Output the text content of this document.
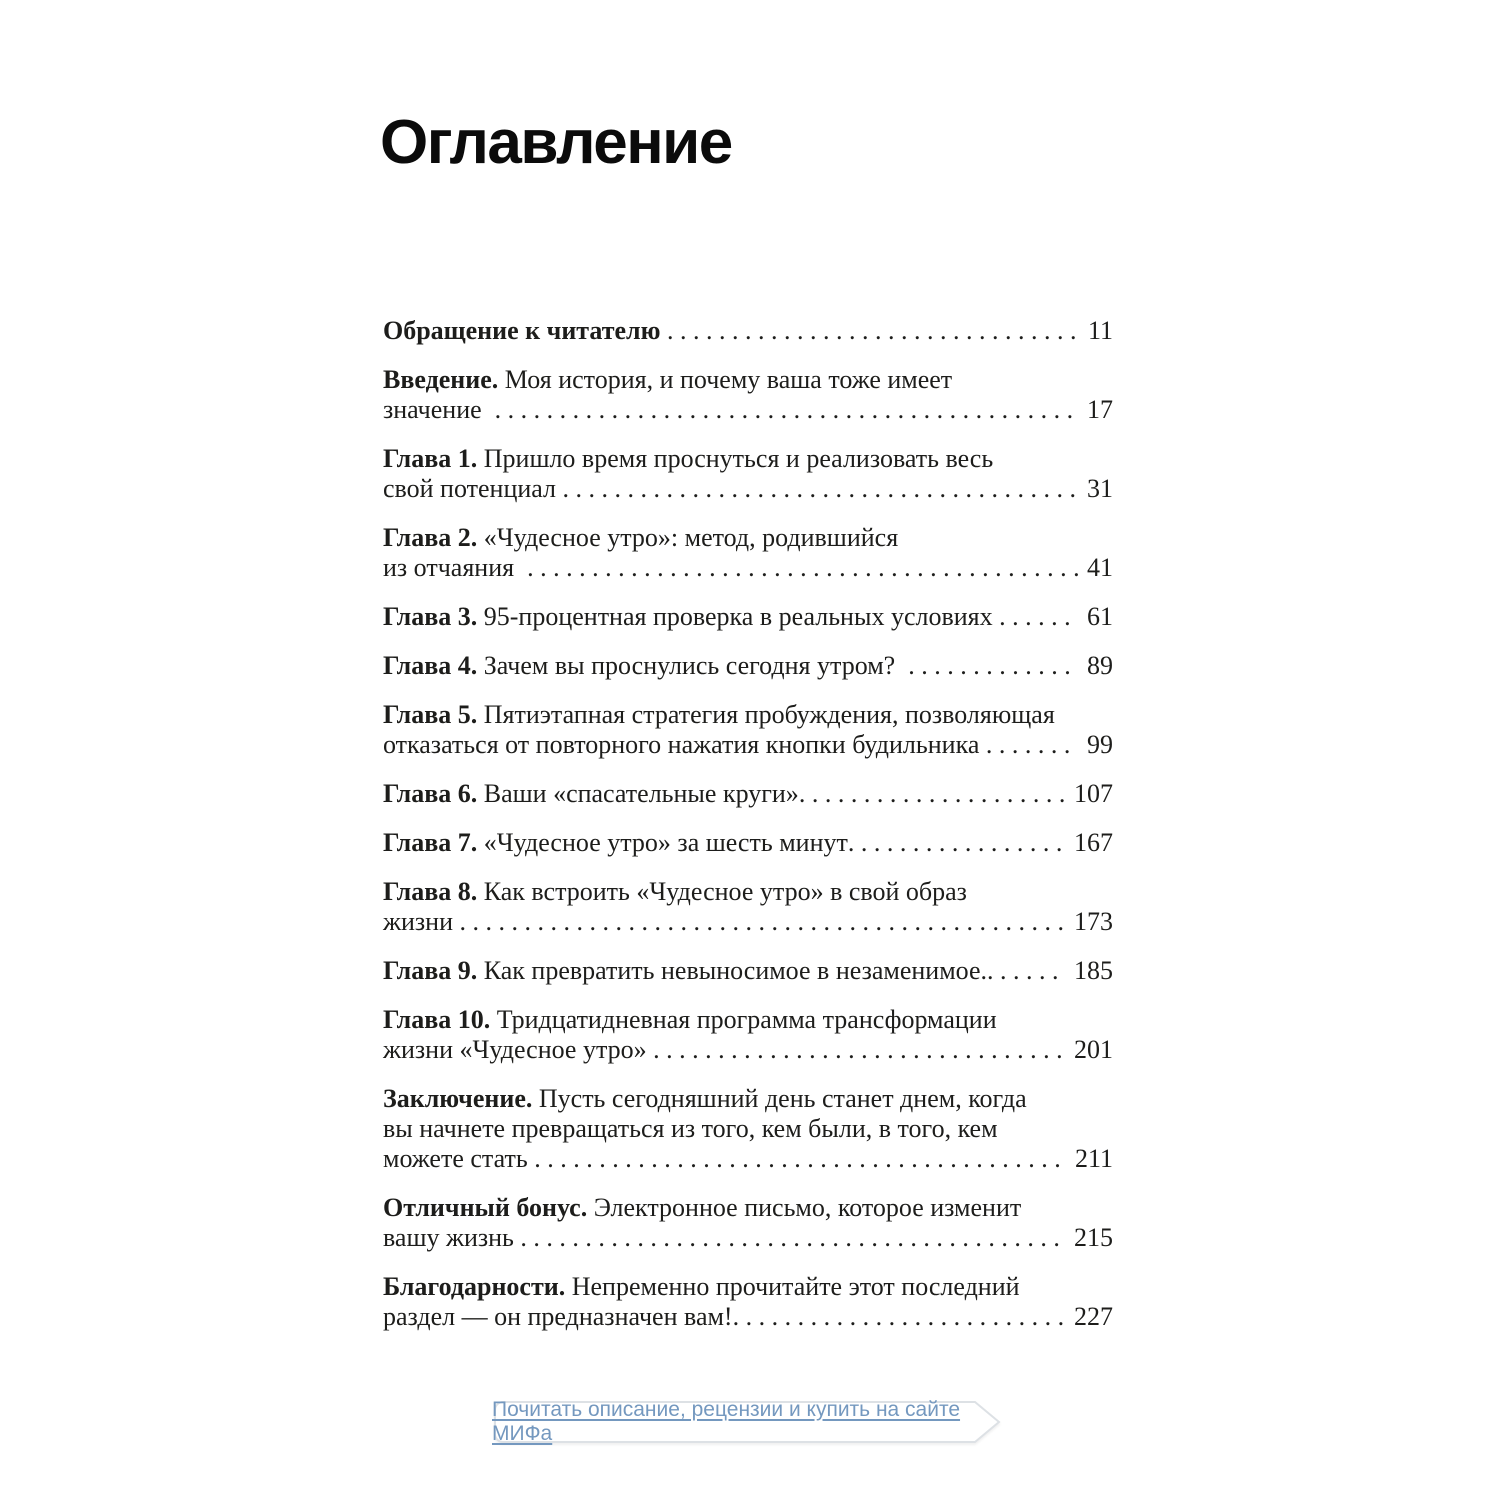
Оглавление
Обращение к читателю
. . .	11
Введение. Моя история, и почему ваша тоже имеет
значение . . .	17
Глава 1. Пришло время проснуться и реализовать весь
свой потенциал . . .	31
Глава 2. «Чудесное утро»: метод, родившийся
из отчаяния . . .	41
Глава 3. 95-процентная проверка в реальных условиях . . .	61
Глава 4. Зачем вы проснулись сегодня утром? . . .	89
Глава 5. Пятиэтапная стратегия пробуждения, позволяющая
отказаться от повторного нажатия кнопки будильника . . .	99
Глава 6. Ваши «спасательные круги» . . .	107
Глава 7. «Чудесное утро» за шесть минут . . .	167
Глава 8. Как встроить «Чудесное утро» в свой образ
жизни . . .	173
Глава 9. Как превратить невыносимое в незаменимое. . . .	185
Глава 10. Тридцатидневная программа трансформации
жизни «Чудесное утро» . . .	201
Заключение. Пусть сегодняшний день станет днем, когда
вы начнете превращаться из того, кем были, в того, кем
можете стать . . .	211
Отличный бонус. Электронное письмо, которое изменит
вашу жизнь . . .	215
Благодарности. Непременно прочитайте этот последний
раздел — он предназначен вам! . . .	227
Почитать описание, рецензии и купить на сайте МИФа
